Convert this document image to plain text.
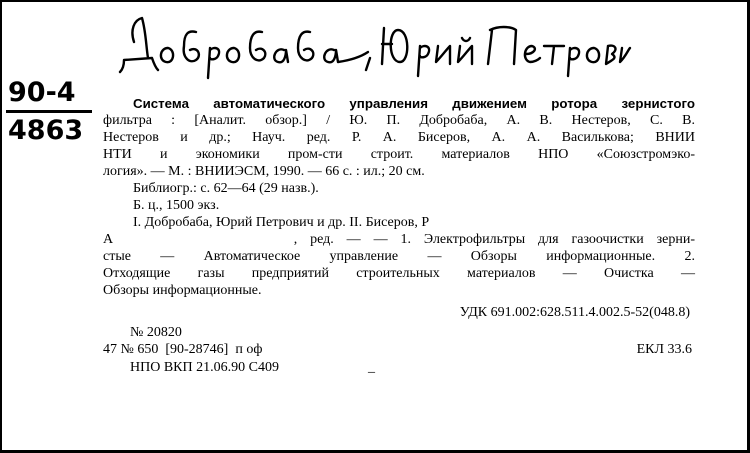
90-4
4863
Система автоматического управления движением ротора зернистого
фильтра : [Аналит. обзор.] / Ю. П. Добробаба, А. В. Нестеров, С. В.
Нестеров и др.; Науч. ред. Р. А. Бисеров, А. А. Василькова; ВНИИ
НТИ и экономики пром-сти строит. материалов НПО «Союзстромэко-
логия». — М. : ВНИИЭСМ, 1990. — 66 с. : ил.; 20 см.
Библиогр.: с. 62—64 (29 назв.).
Б. ц., 1500 экз.
I. Добробаба, Юрий Петрович и др. II. Бисеров, Р
А              , ред. — — 1. Электрофильтры для газоочистки зерни-
стые — Автоматическое управление — Обзоры информационные. 2.
Отходящие газы предприятий строительных материалов — Очистка —
Обзоры информационные.
УДК 691.002:628.511.4.002.5-52(048.8)
№ 20820
47 № 650  [90-28746]  п оф	ЕКЛ 33.6
НПО ВКП 21.06.90 С409	_
